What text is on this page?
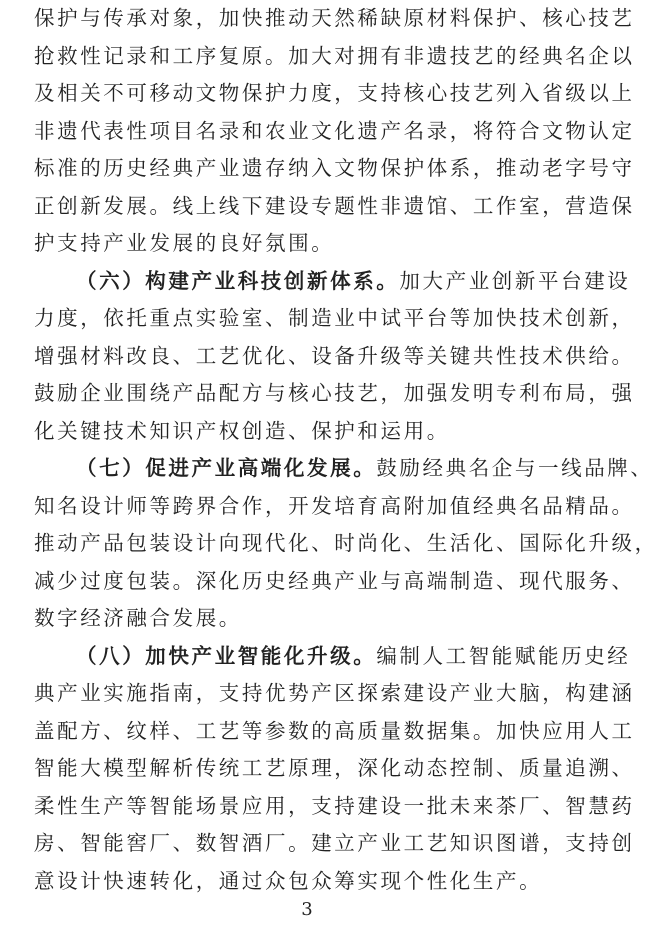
保护与传承对象，加快推动天然稀缺原材料保护、核心技艺
抢救性记录和工序复原。加大对拥有非遗技艺的经典名企以
及相关不可移动文物保护力度，支持核心技艺列入省级以上
非遗代表性项目名录和农业文化遗产名录，将符合文物认定
标准的历史经典产业遗存纳入文物保护体系，推动老字号守
正创新发展。线上线下建设专题性非遗馆、工作室，营造保
护支持产业发展的良好氛围。
（六）构建产业科技创新体系。加大产业创新平台建设
力度，依托重点实验室、制造业中试平台等加快技术创新，
增强材料改良、工艺优化、设备升级等关键共性技术供给。
鼓励企业围绕产品配方与核心技艺，加强发明专利布局，强
化关键技术知识产权创造、保护和运用。
（七）促进产业高端化发展。鼓励经典名企与一线品牌、
知名设计师等跨界合作，开发培育高附加值经典名品精品。
推动产品包装设计向现代化、时尚化、生活化、国际化升级，
减少过度包装。深化历史经典产业与高端制造、现代服务、
数字经济融合发展。
（八）加快产业智能化升级。编制人工智能赋能历史经
典产业实施指南，支持优势产区探索建设产业大脑，构建涵
盖配方、纹样、工艺等参数的高质量数据集。加快应用人工
智能大模型解析传统工艺原理，深化动态控制、质量追溯、
柔性生产等智能场景应用，支持建设一批未来茶厂、智慧药
房、智能窖厂、数智酒厂。建立产业工艺知识图谱，支持创
意设计快速转化，通过众包众筹实现个性化生产。
3
